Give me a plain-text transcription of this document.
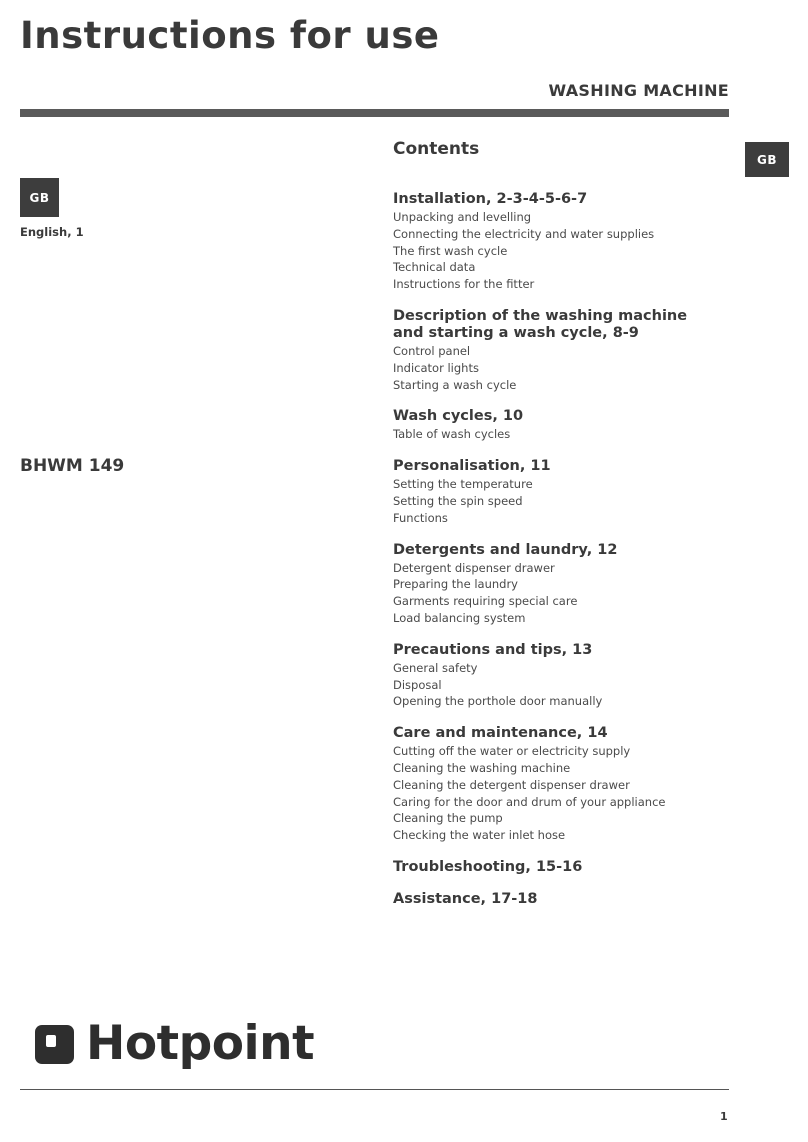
Instructions for use
WASHING MACHINE
GB
English, 1
BHWM 149
GB
Contents
Installation, 2-3-4-5-6-7
Unpacking and levelling
Connecting the electricity and water supplies
The first wash cycle
Technical data
Instructions for the fitter
Description of the washing machine and starting a wash cycle, 8-9
Control panel
Indicator lights
Starting a wash cycle
Wash cycles, 10
Table of wash cycles
Personalisation, 11
Setting the temperature
Setting the spin speed
Functions
Detergents and laundry, 12
Detergent dispenser drawer
Preparing the laundry
Garments requiring special care
Load balancing system
Precautions and tips, 13
General safety
Disposal
Opening the porthole door manually
Care and maintenance, 14
Cutting off the water or electricity supply
Cleaning the washing machine
Cleaning the detergent dispenser drawer
Caring for the door and drum of your appliance
Cleaning the pump
Checking the water inlet hose
Troubleshooting, 15-16
Assistance, 17-18
Hotpoint
1
